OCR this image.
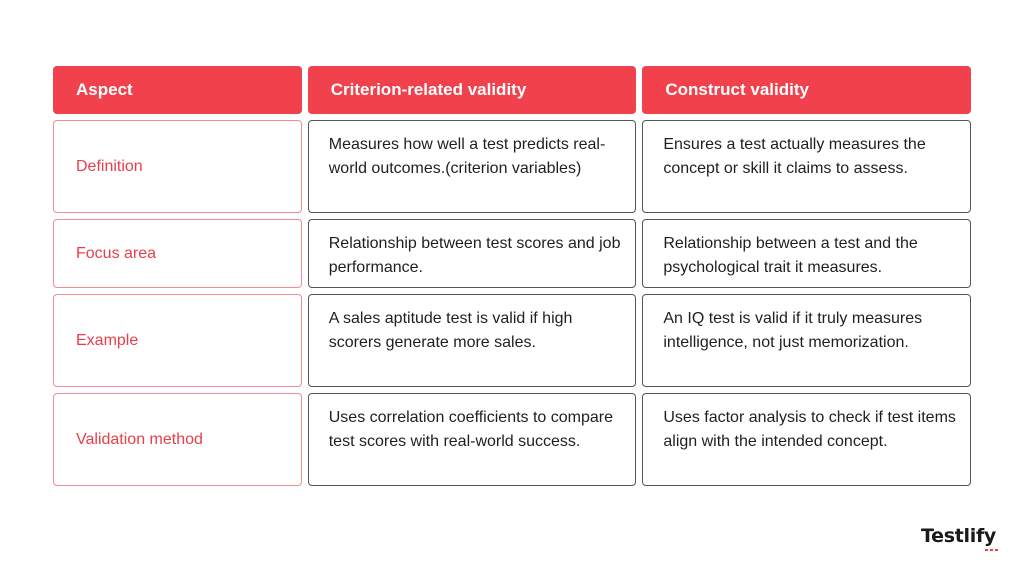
Aspect	Criterion-related validity	Construct validity
Definition
Measures how well a test predicts real-world outcomes.(criterion variables)
Ensures a test actually measures the concept or skill it claims to assess.
Focus area
Relationship between test scores and job performance.
Relationship between a test and the psychological trait it measures.
Example
A sales aptitude test is valid if high scorers generate more sales.
An IQ test is valid if it truly measures intelligence, not just memorization.
Validation method
Uses correlation coefficients to compare test scores with real-world success.
Uses factor analysis to check if test items align with the intended concept.
Testlify
